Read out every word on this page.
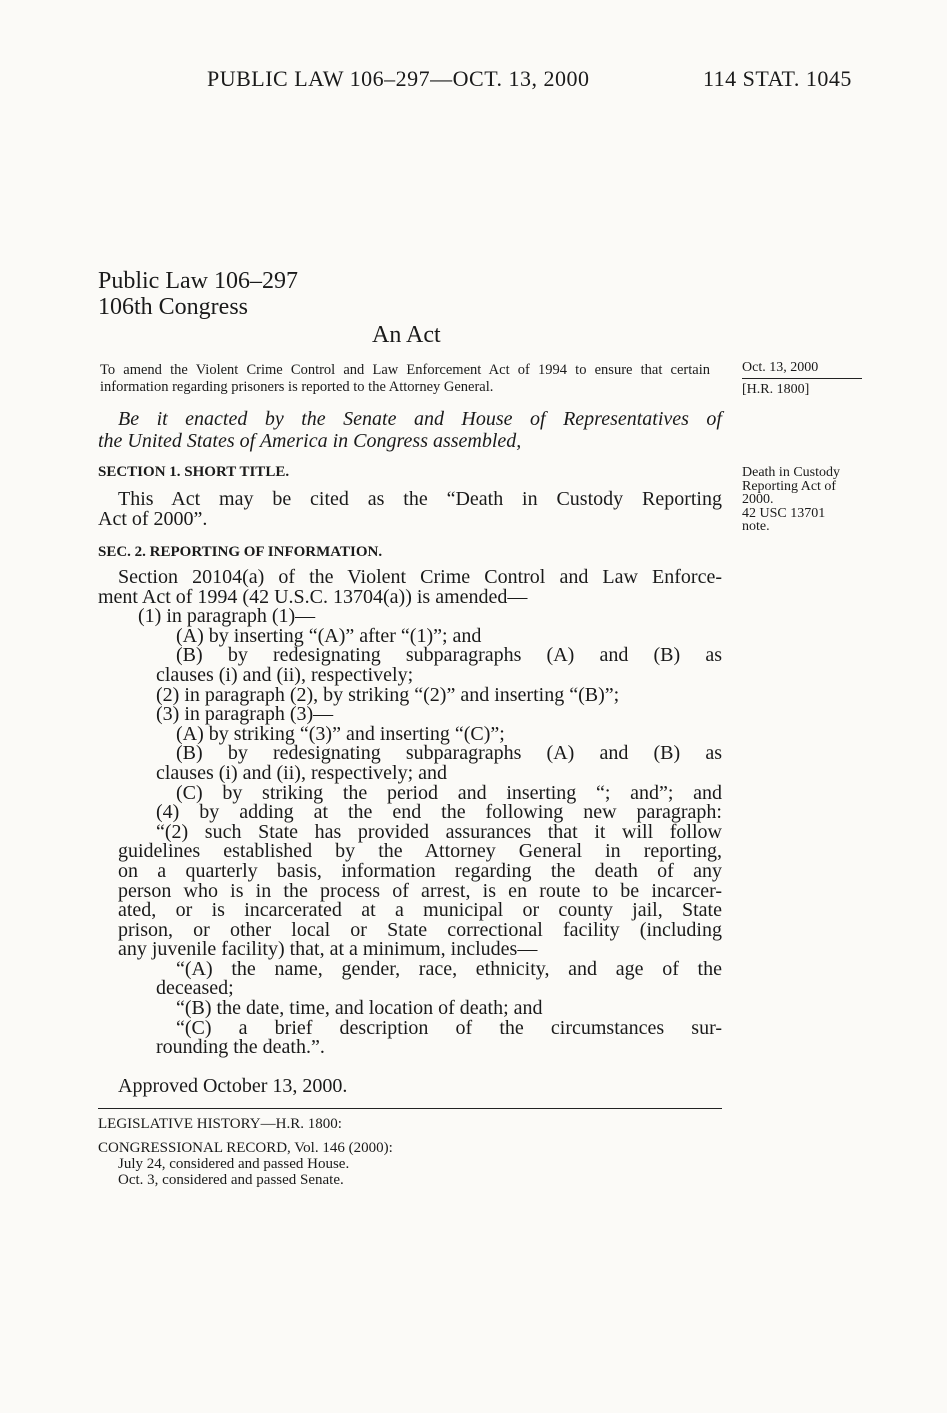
PUBLIC LAW 106–297—OCT. 13, 2000	114 STAT. 1045
Public Law 106–297
106th Congress
An Act
To amend the Violent Crime Control and Law Enforcement Act of 1994 to ensure that certain information regarding prisoners is reported to the Attorney General.
Oct. 13, 2000
[H.R. 1800]
Be it enacted by the Senate and House of Representatives of
the United States of America in Congress assembled,
SECTION 1. SHORT TITLE.
This Act may be cited as the “Death in Custody Reporting
Act of 2000”.
Death in Custody
Reporting Act of
2000.
42 USC 13701
note.
SEC. 2. REPORTING OF INFORMATION.
Section 20104(a) of the Violent Crime Control and Law Enforce-
ment Act of 1994 (42 U.S.C. 13704(a)) is amended—
(1) in paragraph (1)—
(A) by inserting “(A)” after “(1)”; and
(B) by redesignating subparagraphs (A) and (B) as
clauses (i) and (ii), respectively;
(2) in paragraph (2), by striking “(2)” and inserting “(B)”;
(3) in paragraph (3)—
(A) by striking “(3)” and inserting “(C)”;
(B) by redesignating subparagraphs (A) and (B) as
clauses (i) and (ii), respectively; and
(C) by striking the period and inserting “; and”; and
(4) by adding at the end the following new paragraph:
“(2) such State has provided assurances that it will follow
guidelines established by the Attorney General in reporting,
on a quarterly basis, information regarding the death of any
person who is in the process of arrest, is en route to be incarcer-
ated, or is incarcerated at a municipal or county jail, State
prison, or other local or State correctional facility (including
any juvenile facility) that, at a minimum, includes—
“(A) the name, gender, race, ethnicity, and age of the
deceased;
“(B) the date, time, and location of death; and
“(C) a brief description of the circumstances sur-
rounding the death.”.
Approved October 13, 2000.
LEGISLATIVE HISTORY—H.R. 1800:
CONGRESSIONAL RECORD, Vol. 146 (2000):
July 24, considered and passed House.
Oct. 3, considered and passed Senate.
